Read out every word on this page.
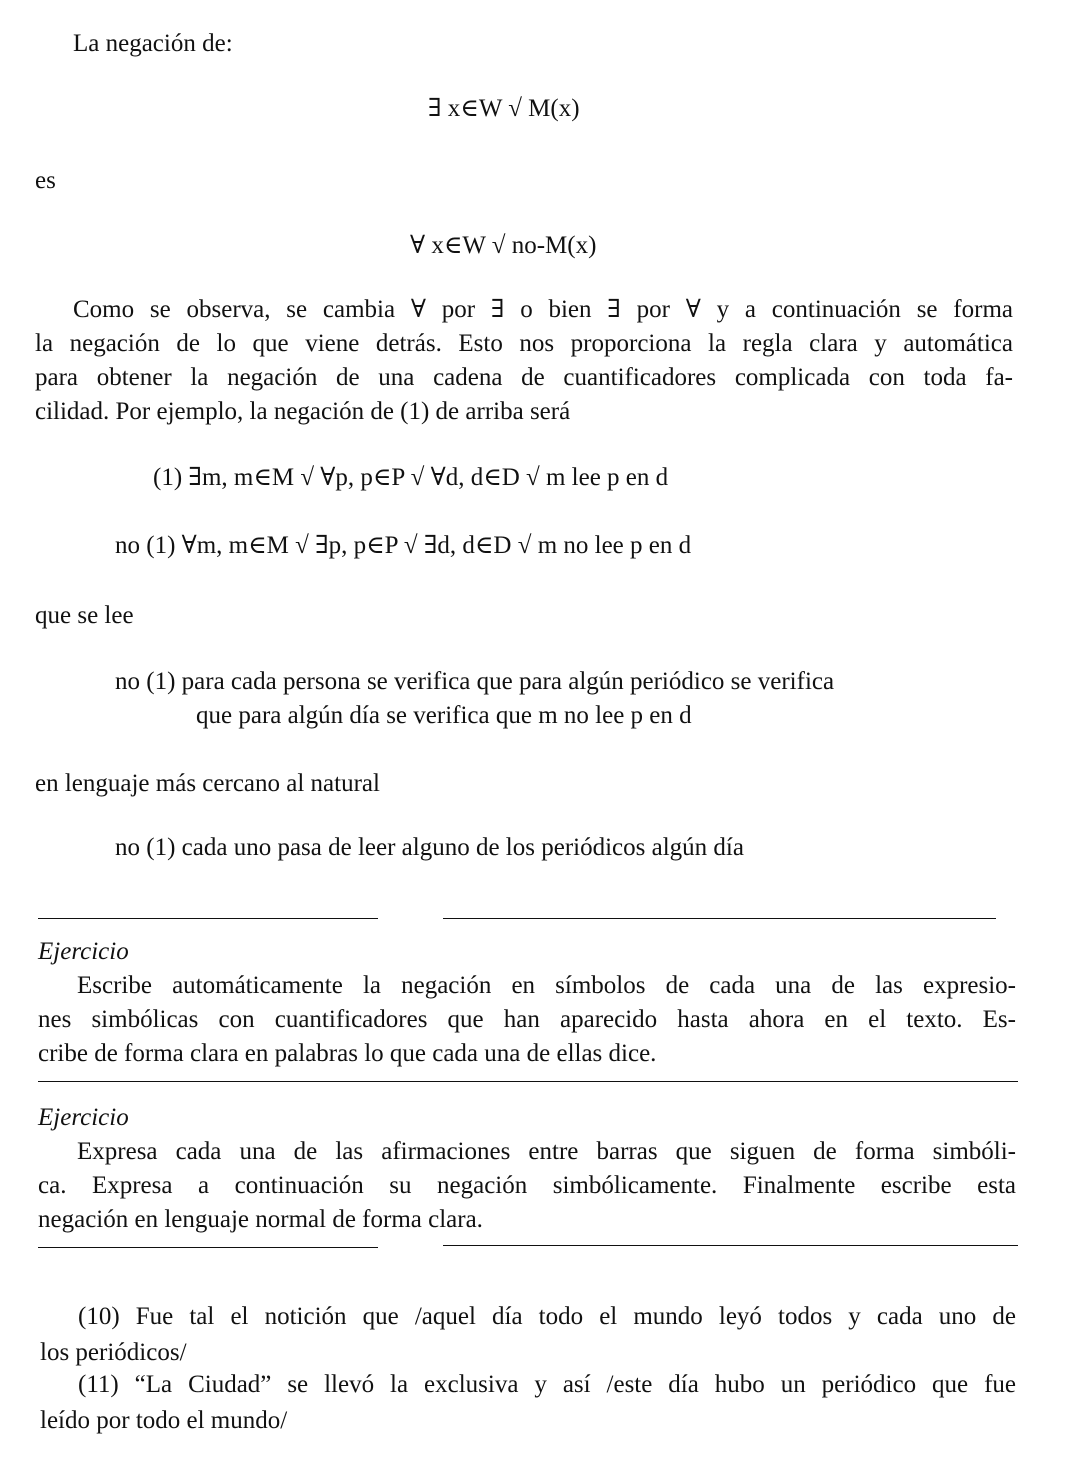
La negación de:
∃ x∈W √ M(x)
es
∀ x∈W √ no-M(x)
Como se observa, se cambia ∀ por ∃ o bien ∃ por ∀ y a continuación se forma
la negación de lo que viene detrás. Esto nos proporciona la regla clara y automática
para obtener la negación de una cadena de cuantificadores complicada con toda fa-
cilidad. Por ejemplo, la negación de (1) de arriba será
(1) ∃m, m∈M √ ∀p, p∈P √ ∀d, d∈D √ m lee p en d
no (1) ∀m, m∈M √ ∃p, p∈P √ ∃d, d∈D √ m no lee p en d
que se lee
no (1) para cada persona se verifica que para algún periódico se verifica
que para algún día se verifica que m no lee p en d
en lenguaje más cercano al natural
no (1) cada uno pasa de leer alguno de los periódicos algún día
Ejercicio
Escribe automáticamente la negación en símbolos de cada una de las expresio-
nes simbólicas con cuantificadores que han aparecido hasta ahora en el texto. Es-
cribe de forma clara en palabras lo que cada una de ellas dice.
Ejercicio
Expresa cada una de las afirmaciones entre barras que siguen de forma simbóli-
ca. Expresa a continuación su negación simbólicamente. Finalmente escribe esta
negación en lenguaje normal de forma clara.
(10) Fue tal el notición que /aquel día todo el mundo leyó todos y cada uno de
los periódicos/
(11) “La Ciudad” se llevó la exclusiva y así /este día hubo un periódico que fue
leído por todo el mundo/
